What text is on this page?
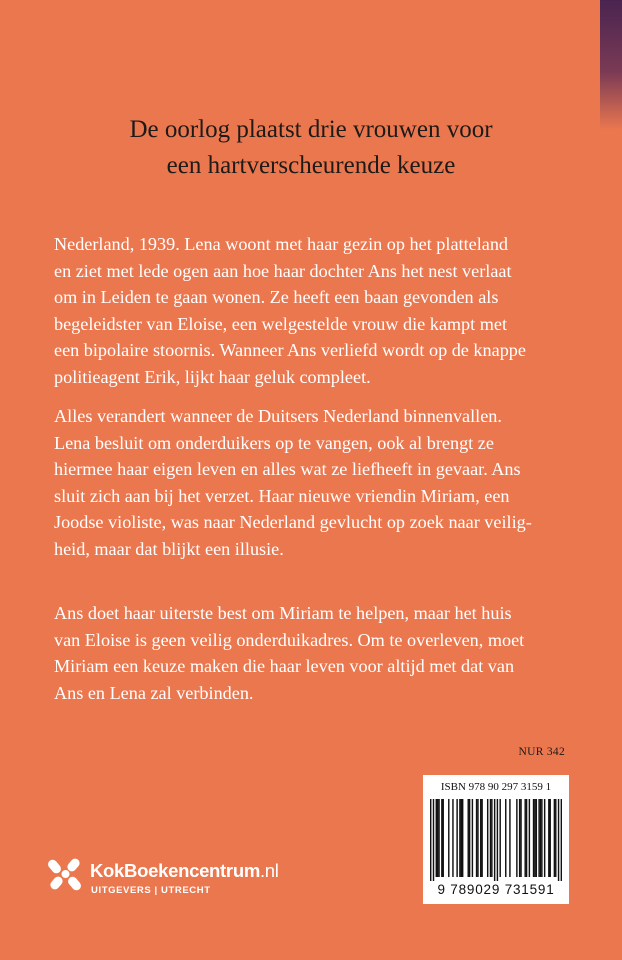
De oorlog plaatst drie vrouwen voor
een hartverscheurende keuze
Nederland, 1939. Lena woont met haar gezin op het platteland
en ziet met lede ogen aan hoe haar dochter Ans het nest verlaat
om in Leiden te gaan wonen. Ze heeft een baan gevonden als
begeleidster van Eloise, een welgestelde vrouw die kampt met
een bipolaire stoornis. Wanneer Ans verliefd wordt op de knappe
politieagent Erik, lijkt haar geluk compleet.
Alles verandert wanneer de Duitsers Nederland binnenvallen.
Lena besluit om onderduikers op te vangen, ook al brengt ze
hiermee haar eigen leven en alles wat ze liefheeft in gevaar. Ans
sluit zich aan bij het verzet. Haar nieuwe vriendin Miriam, een
Joodse violiste, was naar Nederland gevlucht op zoek naar veilig-
heid, maar dat blijkt een illusie.
Ans doet haar uiterste best om Miriam te helpen, maar het huis
van Eloise is geen veilig onderduikadres. Om te overleven, moet
Miriam een keuze maken die haar leven voor altijd met dat van
Ans en Lena zal verbinden.
NUR 342
ISBN 978 90 297 3159 1
9 789029 731591
KokBoekencentrum.nl
UITGEVERS | UTRECHT
